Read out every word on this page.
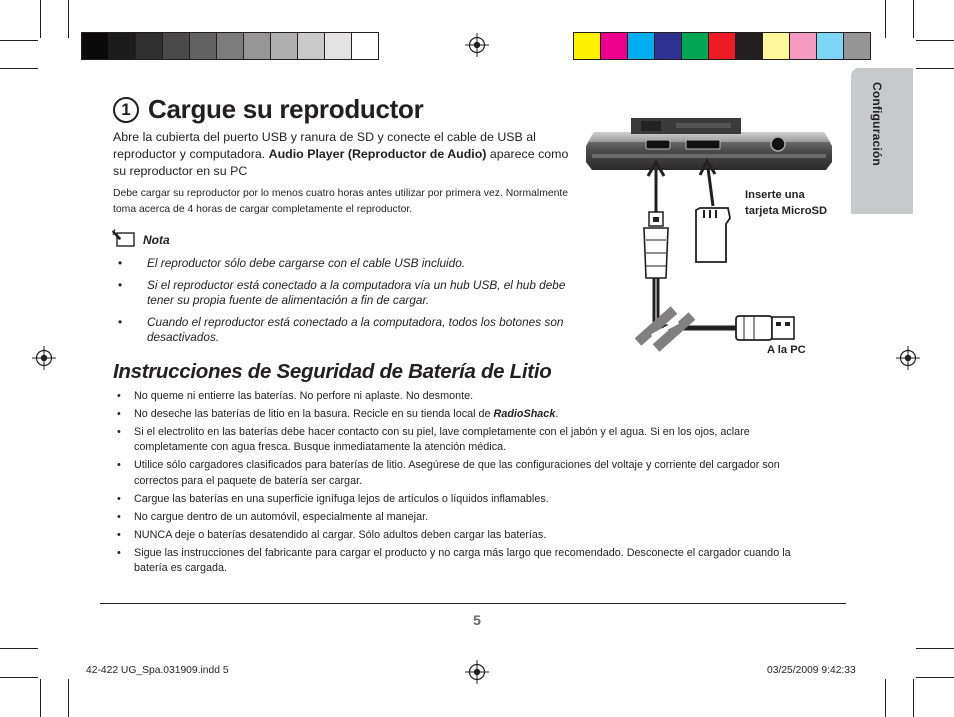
Configuración
1 Cargue su reproductor
Abre la cubierta del puerto USB y ranura de SD y conecte el cable de USB al reproductor y computadora. Audio Player (Reproductor de Audio) aparece como su reproductor en su PC
Debe cargar su reproductor por lo menos cuatro horas antes utilizar por primera vez. Normalmente toma acerca de 4 horas de cargar completamente el reproductor.
Nota
• El reproductor sólo debe cargarse con el cable USB incluido.
• Si el reproductor está conectado a la computadora vía un hub USB, el hub debe tener su propia fuente de alimentación a fin de cargar.
• Cuando el reproductor está conectado a la computadora, todos los botones son desactivados.
Inserte una tarjeta MicroSD
A la PC
Instrucciones de Seguridad de Batería de Litio
• No queme ni entierre las baterías. No perfore ni aplaste. No desmonte.
• No deseche las baterías de litio en la basura. Recicle en su tienda local de RadioShack.
• Si el electrolito en las baterías debe hacer contacto con su piel, lave completamente con el jabón y el agua. Si en los ojos, aclare completamente con agua fresca. Busque inmediatamente la atención médica.
• Utilice sólo cargadores clasificados para baterías de litio. Asegúrese de que las configuraciones del voltaje y corriente del cargador son correctos para el paquete de batería ser cargar.
• Cargue las baterías en una superficie ignífuga lejos de artículos o líquidos inflamables.
• No cargue dentro de un automóvil, especialmente al manejar.
• NUNCA deje o baterías desatendido al cargar. Sólo adultos deben cargar las baterías.
• Sigue las instrucciones del fabricante para cargar el producto y no carga más largo que recomendado. Desconecte el cargador cuando la batería es cargada.
5
42-422 UG_Spa.031909.indd 5	03/25/2009 9:42:33
